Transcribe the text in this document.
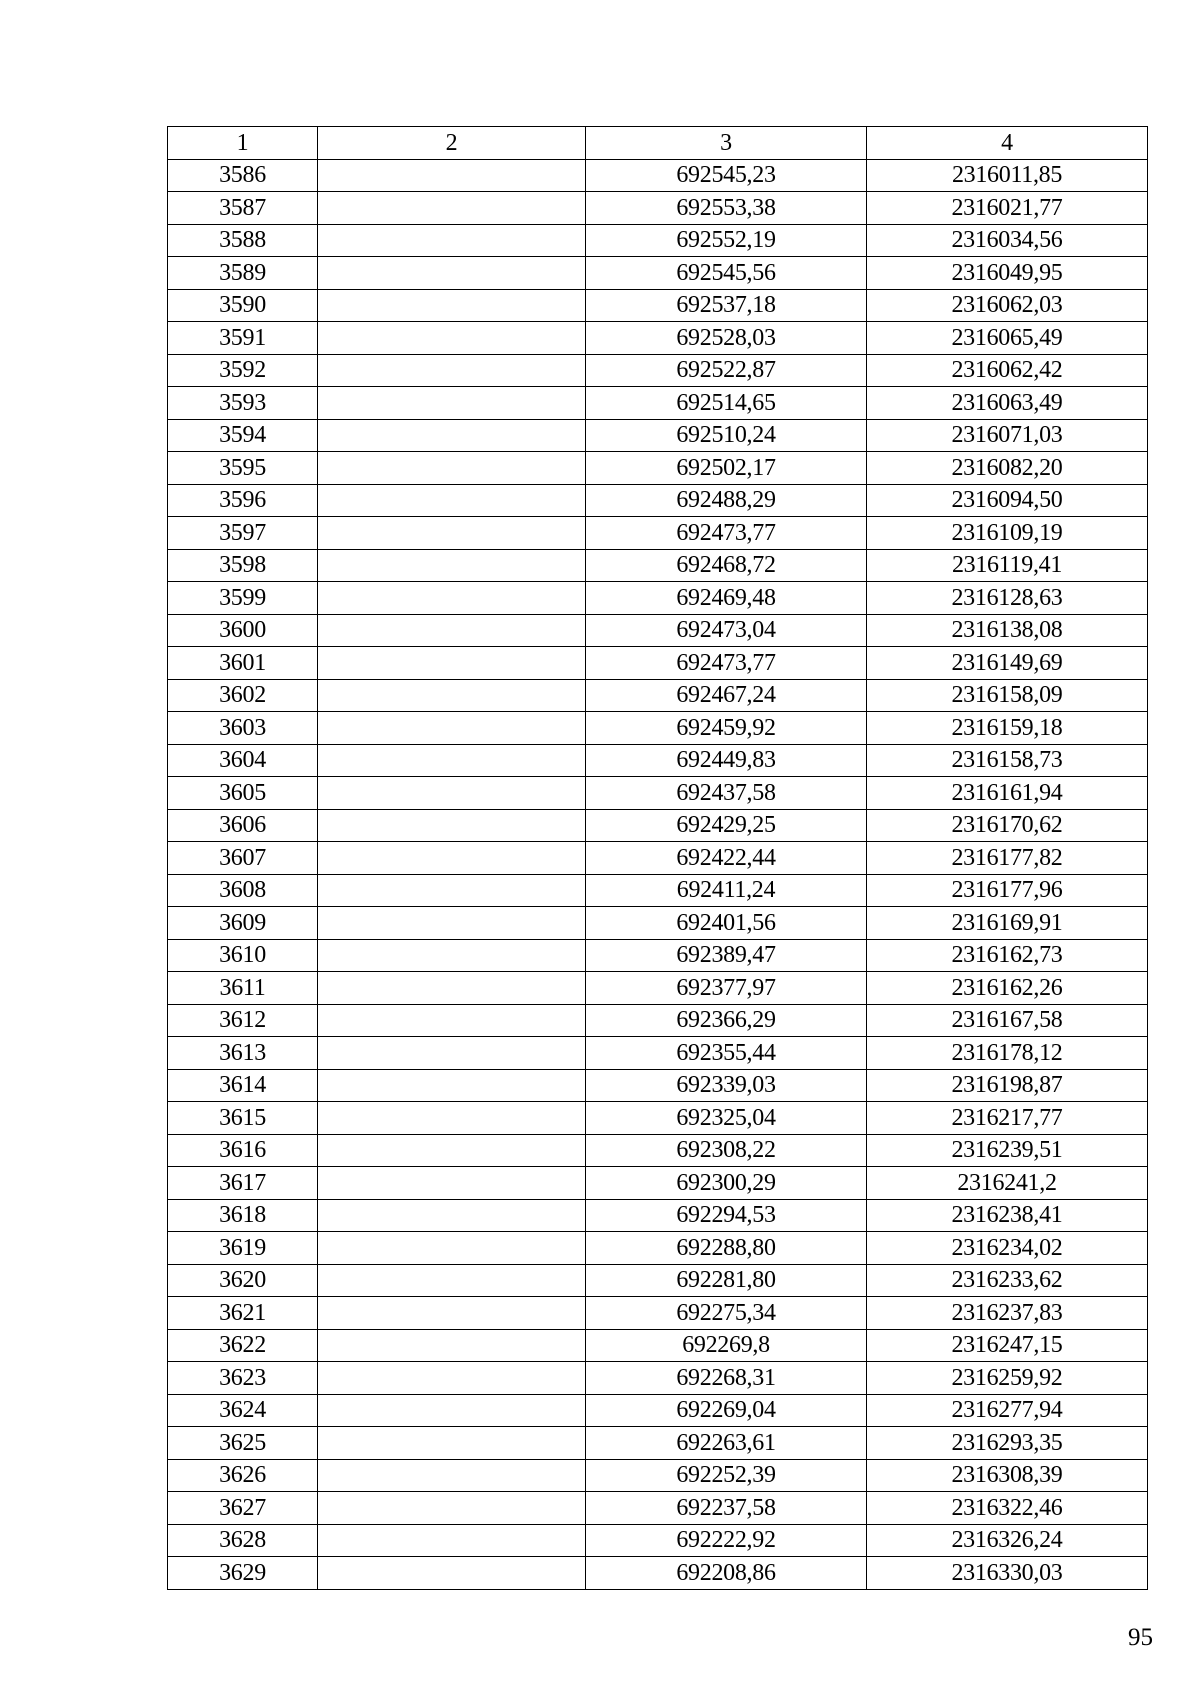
1	2	3	4
3586		692545,23	2316011,85
3587		692553,38	2316021,77
3588		692552,19	2316034,56
3589		692545,56	2316049,95
3590		692537,18	2316062,03
3591		692528,03	2316065,49
3592		692522,87	2316062,42
3593		692514,65	2316063,49
3594		692510,24	2316071,03
3595		692502,17	2316082,20
3596		692488,29	2316094,50
3597		692473,77	2316109,19
3598		692468,72	2316119,41
3599		692469,48	2316128,63
3600		692473,04	2316138,08
3601		692473,77	2316149,69
3602		692467,24	2316158,09
3603		692459,92	2316159,18
3604		692449,83	2316158,73
3605		692437,58	2316161,94
3606		692429,25	2316170,62
3607		692422,44	2316177,82
3608		692411,24	2316177,96
3609		692401,56	2316169,91
3610		692389,47	2316162,73
3611		692377,97	2316162,26
3612		692366,29	2316167,58
3613		692355,44	2316178,12
3614		692339,03	2316198,87
3615		692325,04	2316217,77
3616		692308,22	2316239,51
3617		692300,29	2316241,2
3618		692294,53	2316238,41
3619		692288,80	2316234,02
3620		692281,80	2316233,62
3621		692275,34	2316237,83
3622		692269,8	2316247,15
3623		692268,31	2316259,92
3624		692269,04	2316277,94
3625		692263,61	2316293,35
3626		692252,39	2316308,39
3627		692237,58	2316322,46
3628		692222,92	2316326,24
3629		692208,86	2316330,03
95
